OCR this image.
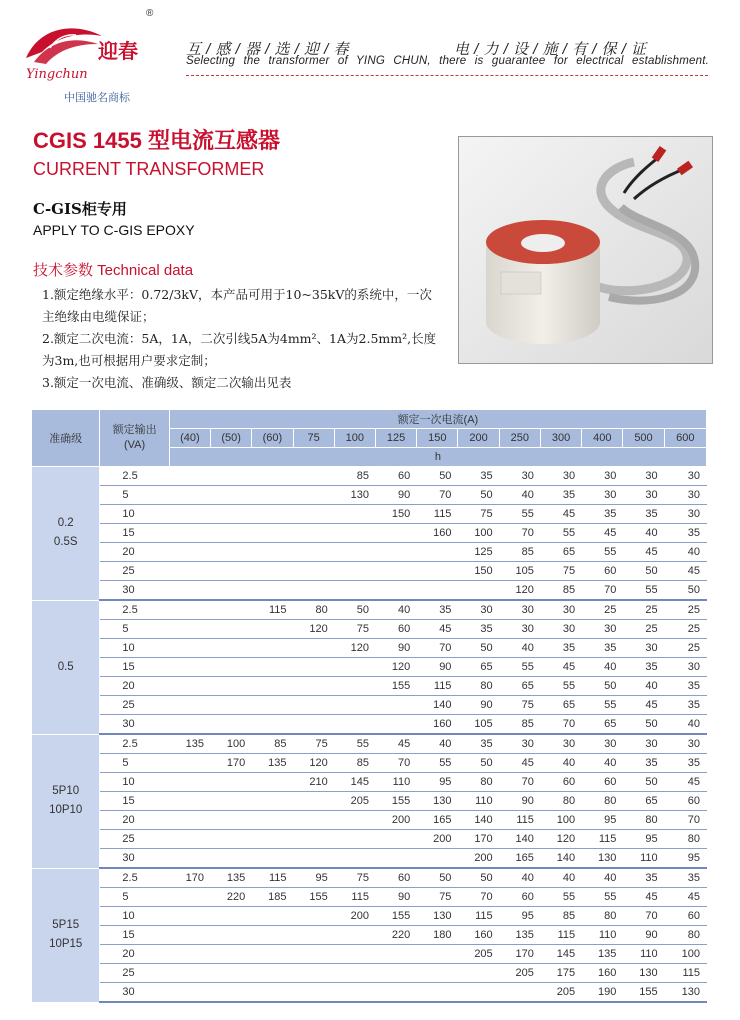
迎春
Yingchun
®
中国驰名商标
互 / 感 / 器 / 选 / 迎 / 春	电 / 力 / 设 / 施 / 有 / 保 / 证
Selecting the transformer of YING CHUN, there is guarantee for electrical establishment.
CGIS 1455 型电流互感器
CURRENT TRANSFORMER
C-GIS柜专用
APPLY TO C-GIS EPOXY
技术参数 Technical data

1.额定绝缘水平：0.72/3kV，本产品可用于10~35kV的系统中，一次主绝缘由电缆保证；

2.额定二次电流：5A，1A，二次引线5A为4mm²、1A为2.5mm²,长度为3m,也可根据用户要求定制；

3.额定一次电流、准确级、额定二次输出见表

准确级	额定输出
(VA)	额定一次电流(A)												
		(40)	(50)	(60)	75	100	125	150	200	250	300	400	500	600
		h												

0.2
0.5S	2.5					85	60	50	35	30	30	30	30	30
	5					130	90	70	50	40	35	30	30	30
	10						150	115	75	55	45	35	35	30
	15							160	100	70	55	45	40	35
	20								125	85	65	55	45	40
	25								150	105	75	60	50	45
	30									120	85	70	55	50

0.5	2.5			115	80	50	40	35	30	30	30	25	25	25
	5				120	75	60	45	35	30	30	30	25	25
	10					120	90	70	50	40	35	35	30	25
	15						120	90	65	55	45	40	35	30
	20						155	115	80	65	55	50	40	35
	25							140	90	75	65	55	45	35
	30							160	105	85	70	65	50	40

5P10
10P10	2.5	135	100	85	75	55	45	40	35	30	30	30	30	30
	5		170	135	120	85	70	55	50	45	40	40	35	35
	10				210	145	110	95	80	70	60	60	50	45
	15					205	155	130	110	90	80	80	65	60
	20						200	165	140	115	100	95	80	70
	25							200	170	140	120	115	95	80
	30								200	165	140	130	110	95

5P15
10P15	2.5	170	135	115	95	75	60	50	50	40	40	40	35	35
	5		220	185	155	115	90	75	70	60	55	55	45	45
	10					200	155	130	115	95	85	80	70	60
	15						220	180	160	135	115	110	90	80
	20								205	170	145	135	110	100
	25									205	175	160	130	115
	30										205	190	155	130
